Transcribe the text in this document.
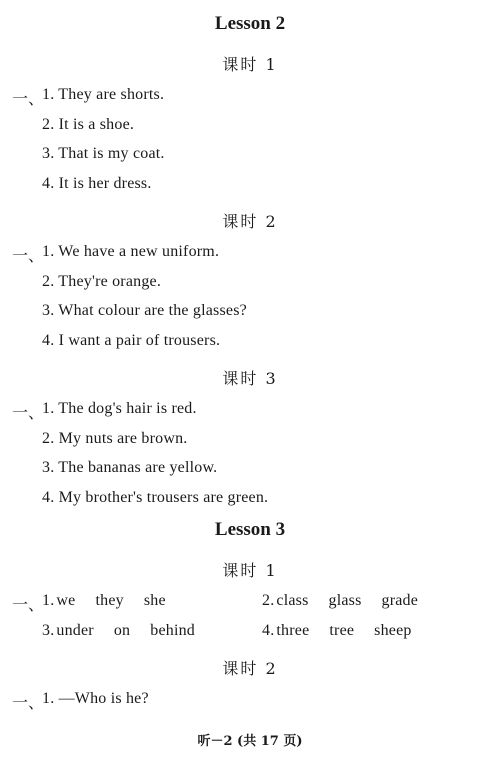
Lesson 2
课时 1
一、
1. They are shorts.
2. It is a shoe.
3. That is my coat.
4. It is her dress.
课时 2
一、
1. We have a new uniform.
2. They're orange.
3. What colour are the glasses?
4. I want a pair of trousers.
课时 3
一、
1. The dog's hair is red.
2. My nuts are brown.
3. The bananas are yellow.
4. My brother's trousers are green.
Lesson 3
课时 1
一、
1. we they she	2. class glass grade
3. under on behind	4. three tree sheep
课时 2
一、
1. —Who is he?
听－2 (共 17 页)
